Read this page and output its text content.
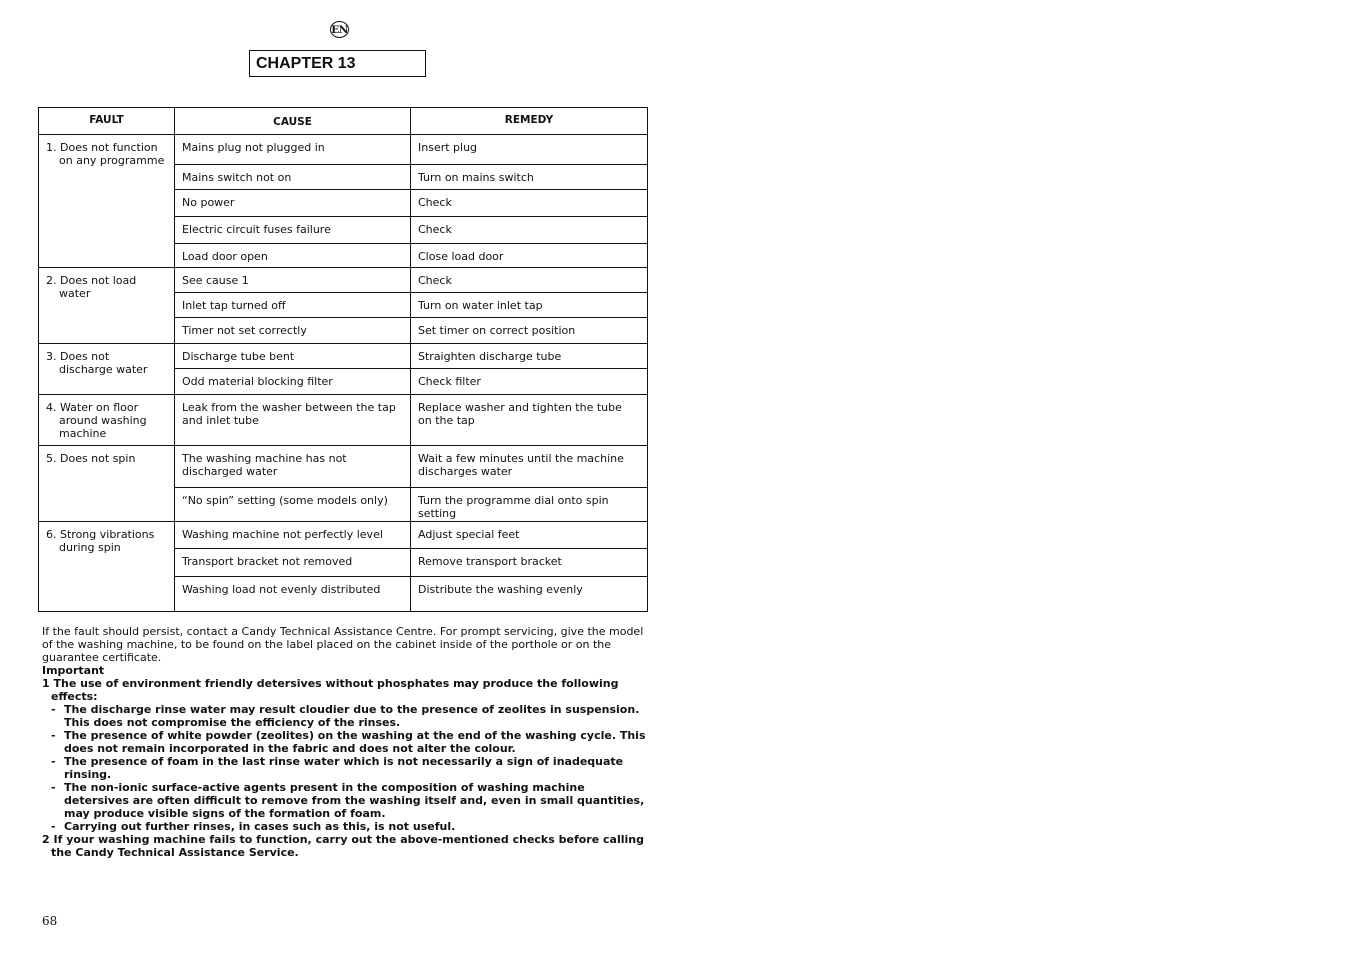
EN
CHAPTER 13
FAULT	CAUSE	REMEDY

1. Does not function on any programme	Mains plug not plugged in	Insert plug
	Mains switch not on	Turn on mains switch
	No power	Check
	Electric circuit fuses failure	Check
	Load door open	Close load door

2. Does not load water	See cause 1	Check
	Inlet tap turned off	Turn on water inlet tap
	Timer not set correctly	Set timer on correct position

3. Does not discharge water	Discharge tube bent	Straighten discharge tube
	Odd material blocking filter	Check filter

4. Water on floor around washing machine	Leak from the washer between the tap and inlet tube	Replace washer and tighten the tube on the tap

5. Does not spin	The washing machine has not discharged water	Wait a few minutes until the machine discharges water
	“No spin” setting (some models only)	Turn the programme dial onto spin setting

6. Strong vibrations during spin	Washing machine not perfectly level	Adjust special feet
	Transport bracket not removed	Remove transport bracket
	Washing load not evenly distributed	Distribute the washing evenly

If the fault should persist, contact a Candy Technical Assistance Centre. For prompt servicing, give the model of the washing machine, to be found on the label placed on the cabinet inside of the porthole or on the guarantee certificate.

Important

1 The use of environment friendly detersives without phosphates may produce the following effects:

- The discharge rinse water may result cloudier due to the presence of zeolites in suspension. This does not compromise the efficiency of the rinses.
- The presence of white powder (zeolites) on the washing at the end of the washing cycle. This does not remain incorporated in the fabric and does not alter the colour.
- The presence of foam in the last rinse water which is not necessarily a sign of inadequate rinsing.
- The non-ionic surface-active agents present in the composition of washing machine detersives are often difficult to remove from the washing itself and, even in small quantities, may produce visible signs of the formation of foam.
- Carrying out further rinses, in cases such as this, is not useful.

2 If your washing machine fails to function, carry out the above-mentioned checks before calling the Candy Technical Assistance Service.

68
